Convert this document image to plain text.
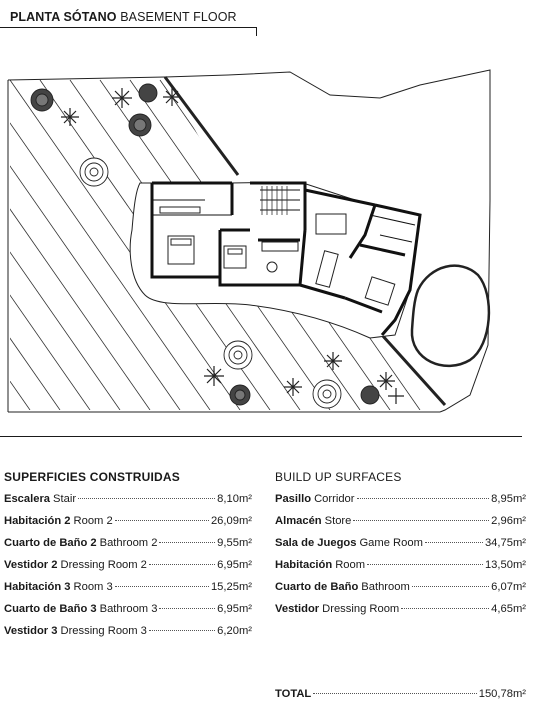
PLANTA SÓTANO BASEMENT FLOOR
SUPERFICIES CONSTRUIDAS
Escalera Stair	8,10m²
Habitación 2 Room 2	26,09m²
Cuarto de Baño 2 Bathroom 2	9,55m²
Vestidor 2 Dressing Room 2	6,95m²
Habitación 3 Room 3	15,25m²
Cuarto de Baño 3 Bathroom 3	6,95m²
Vestidor 3 Dressing Room 3	6,20m²
BUILD UP SURFACES
Pasillo Corridor	8,95m²
Almacén Store	2,96m²
Sala de Juegos Game Room	34,75m²
Habitación Room	13,50m²
Cuarto de Baño Bathroom	6,07m²
Vestidor Dressing Room	4,65m²
TOTAL	150,78m²
